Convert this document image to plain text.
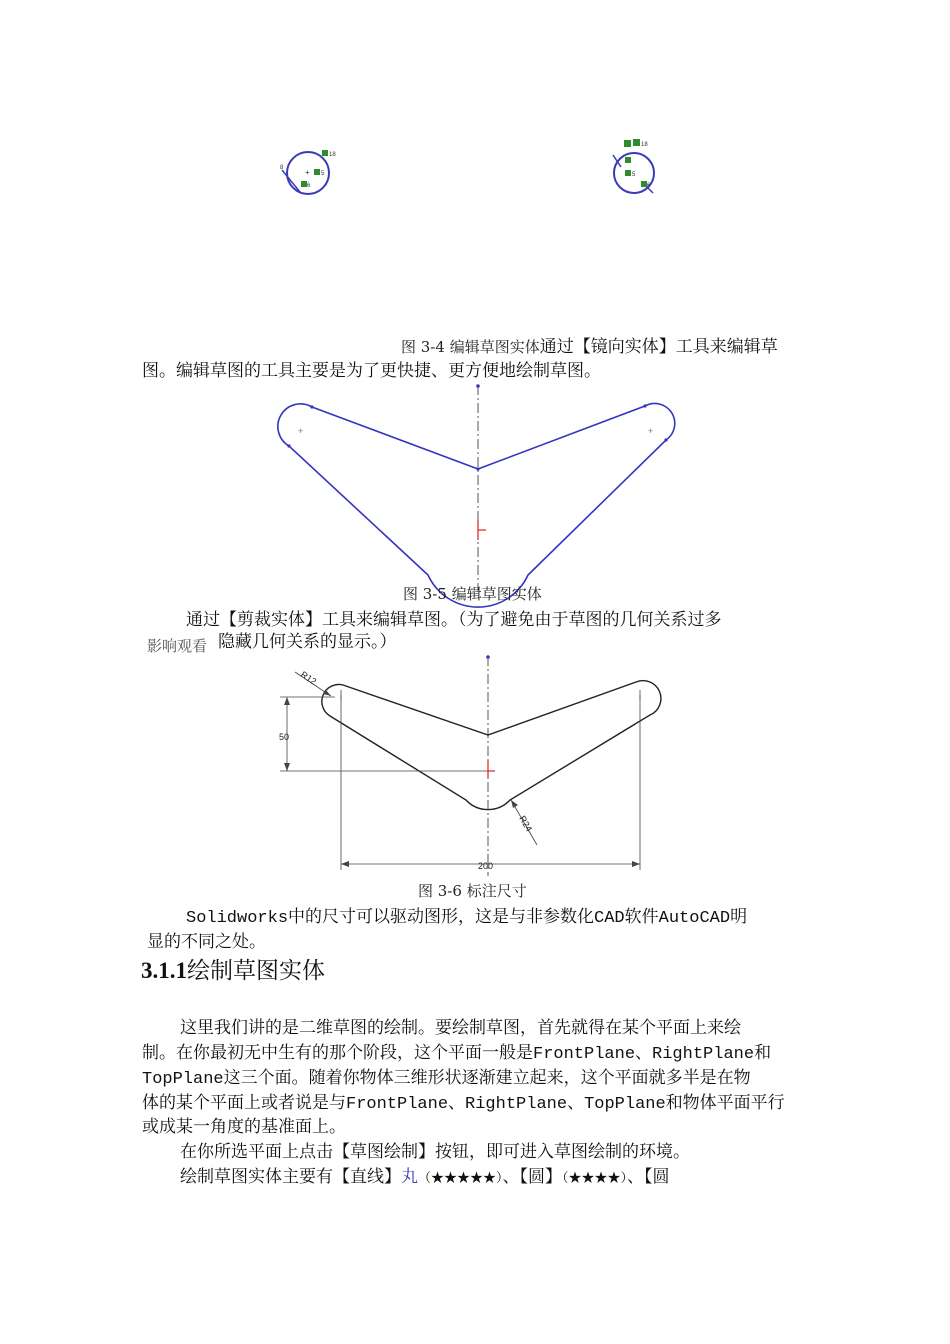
18
5
+
6
8
18
5
6
图 3-4 编辑草图实体通过【镜向实体】工具来编辑草
图。编辑草图的工具主要是为了更快捷、更方便地绘制草图。
+	+
图 3-5 编辑草图实体
通过【剪裁实体】工具来编辑草图。（为了避免由于草图的几何关系过多
影响观看 隐藏几何关系的显示。）
50
200
R12
R24
图 3-6 标注尺寸
Solidworks中的尺寸可以驱动图形，这是与非参数化CAD软件AutoCAD明
显的不同之处。
3.1.1绘制草图实体
这里我们讲的是二维草图的绘制。要绘制草图，首先就得在某个平面上来绘
制。在你最初无中生有的那个阶段，这个平面一般是FrontPlane、RightPlane和
TopPlane这三个面。随着你物体三维形状逐渐建立起来，这个平面就多半是在物
体的某个平面上或者说是与FrontPlane、RightPlane、TopPlane和物体平面平行
或成某一角度的基准面上。
在你所选平面上点击【草图绘制】按钮，即可进入草图绘制的环境。
绘制草图实体主要有【直线】丸（★★★★★）、【圆】（★★★★）、【圆
